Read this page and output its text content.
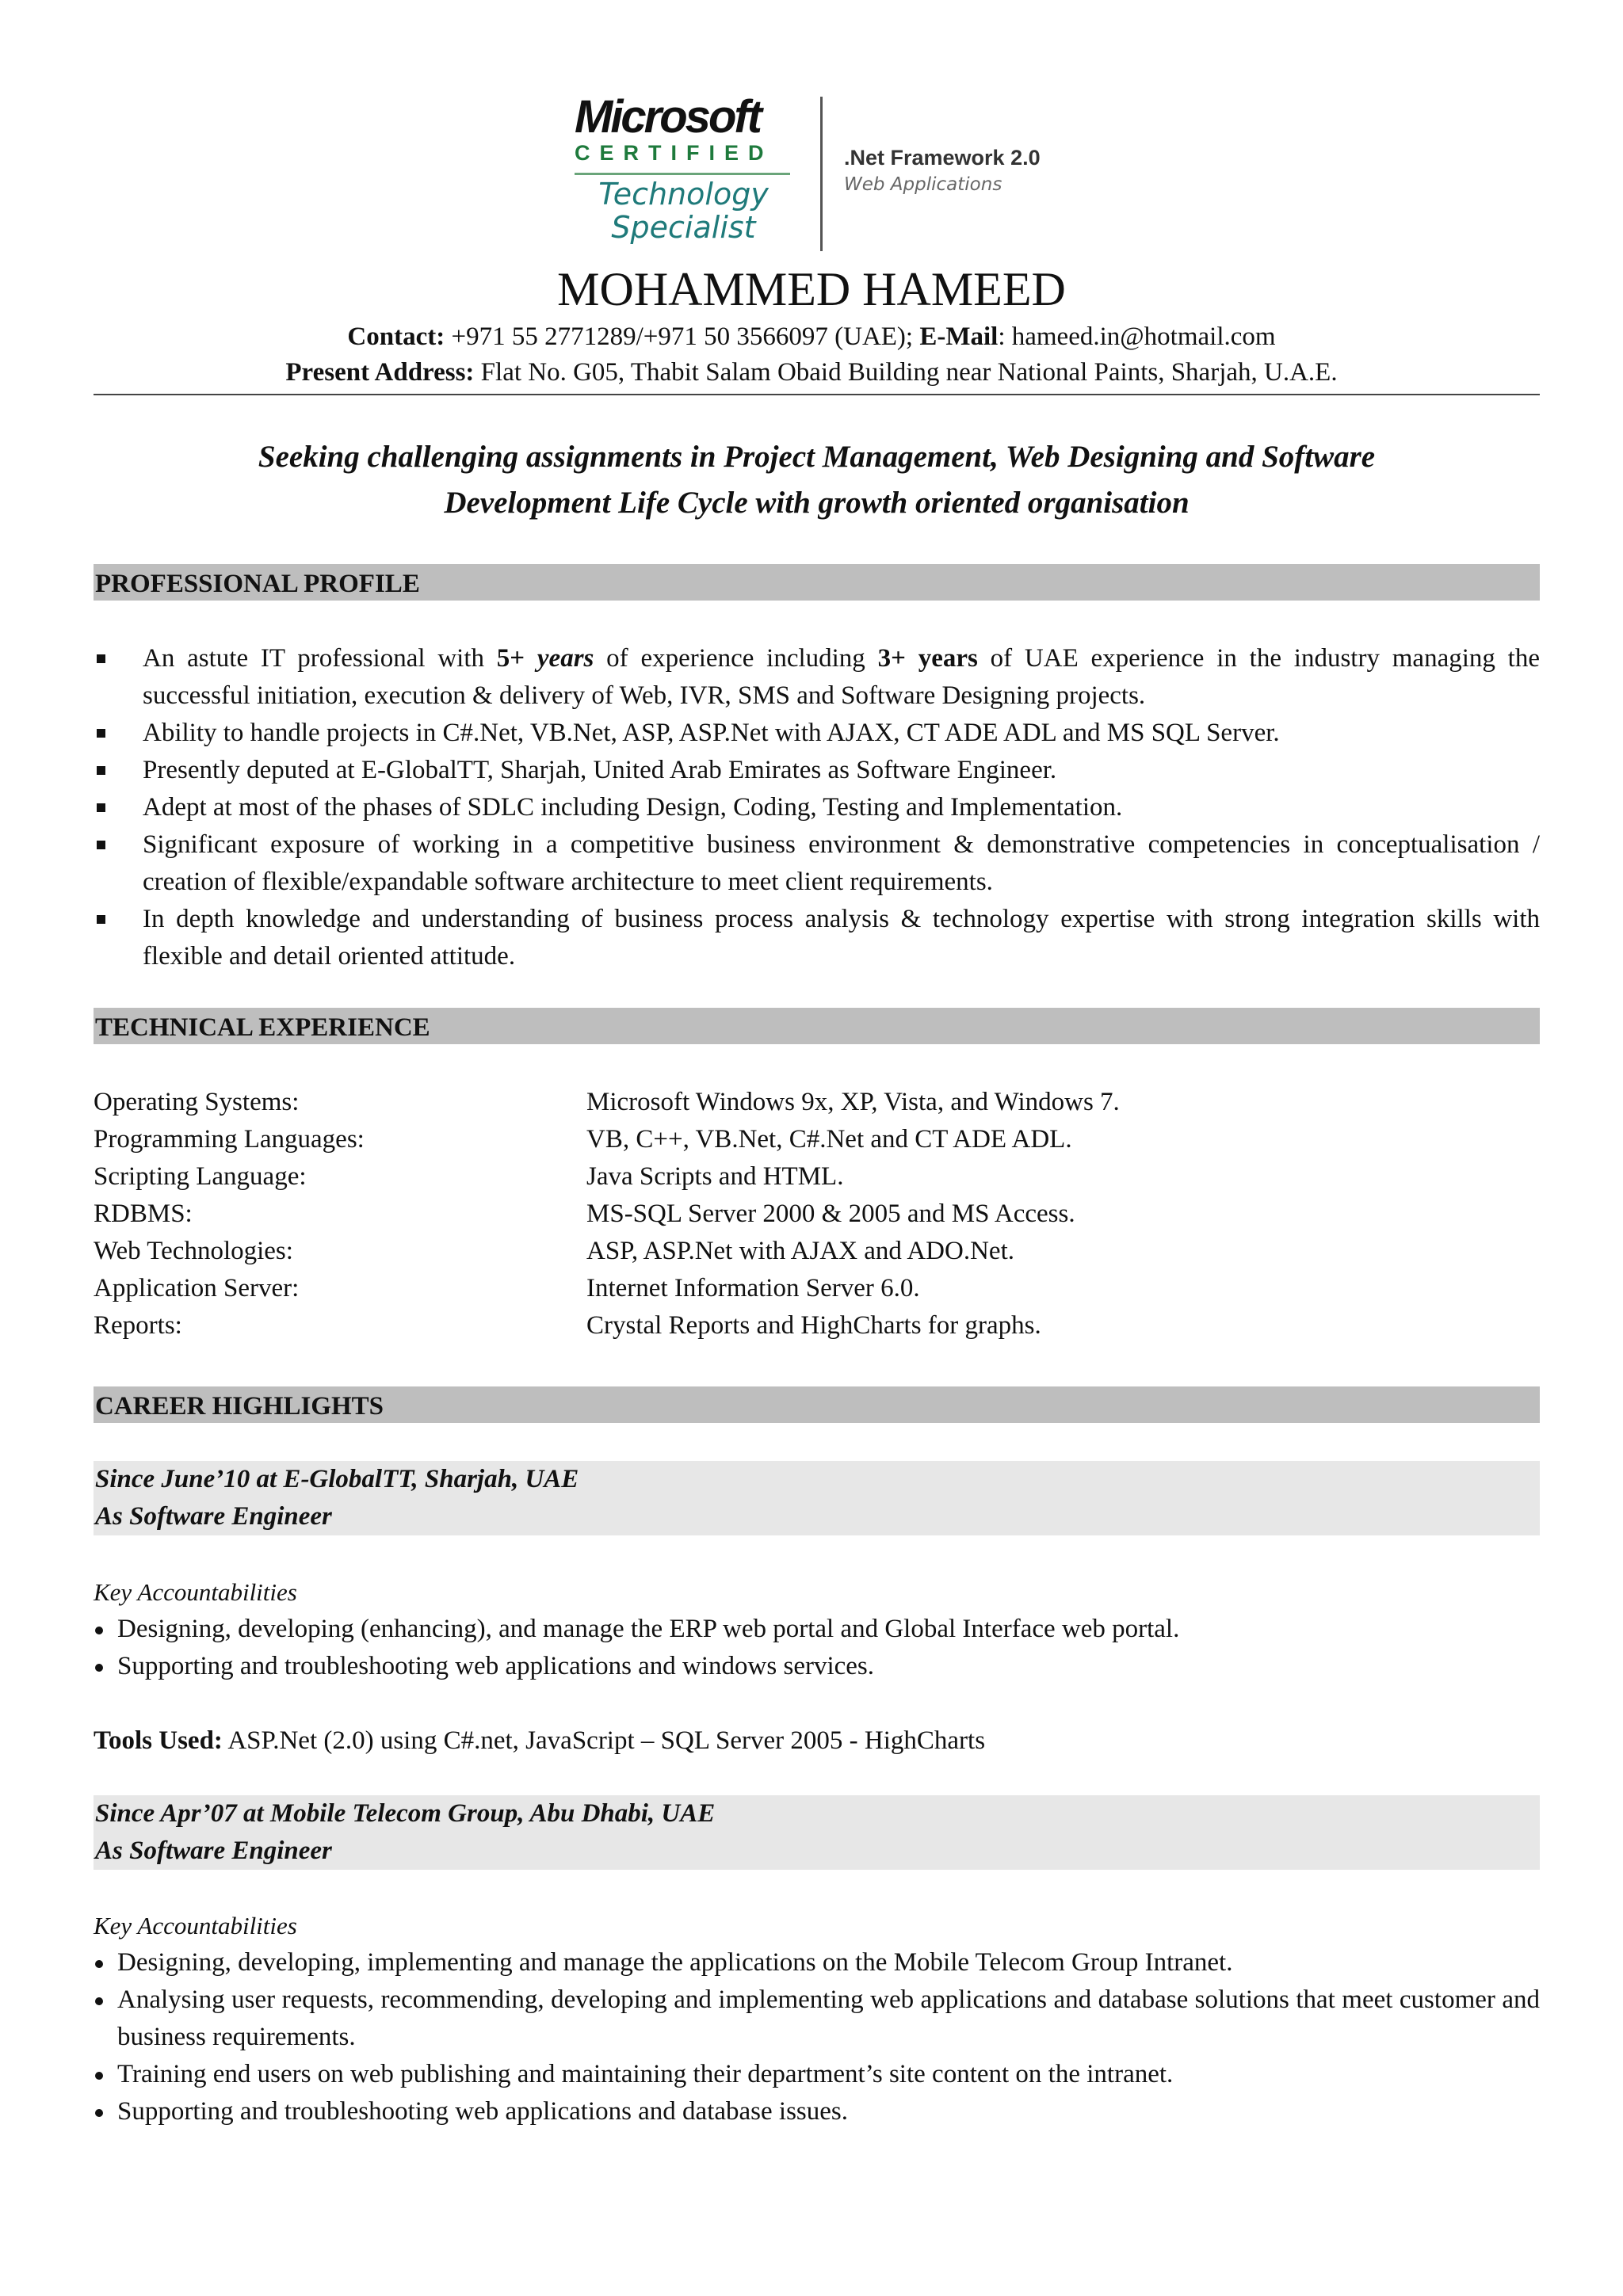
Microsoft
CERTIFIED
Technology
Specialist
.Net Framework 2.0
Web Applications
MOHAMMED HAMEED
Contact: +971 55 2771289/+971 50 3566097 (UAE); E-Mail: hameed.in@hotmail.com
Present Address: Flat No. G05, Thabit Salam Obaid Building near National Paints, Sharjah, U.A.E.
Seeking challenging assignments in Project Management, Web Designing and Software
Development Life Cycle with growth oriented organisation
PROFESSIONAL PROFILE
An astute IT professional with 5+ years of experience including 3+ years of UAE experience in the industry managing the successful initiation, execution & delivery of Web, IVR, SMS and Software Designing projects.
Ability to handle projects in C#.Net, VB.Net, ASP, ASP.Net with AJAX, CT ADE ADL and MS SQL Server.
Presently deputed at E-GlobalTT, Sharjah, United Arab Emirates as Software Engineer.
Adept at most of the phases of SDLC including Design, Coding, Testing and Implementation.
Significant exposure of working in a competitive business environment & demonstrative competencies in conceptualisation / creation of flexible/expandable software architecture to meet client requirements.
In depth knowledge and understanding of business process analysis & technology expertise with strong integration skills with flexible and detail oriented attitude.
TECHNICAL EXPERIENCE
Operating Systems:	Microsoft Windows 9x, XP, Vista, and Windows 7.
Programming Languages:	VB, C++, VB.Net, C#.Net and CT ADE ADL.
Scripting Language:	Java Scripts and HTML.
RDBMS:	MS-SQL Server 2000 & 2005 and MS Access.
Web Technologies:	ASP, ASP.Net with AJAX and ADO.Net.
Application Server:	Internet Information Server 6.0.
Reports:	Crystal Reports and HighCharts for graphs.
CAREER HIGHLIGHTS
Since June’10 at E-GlobalTT, Sharjah, UAE
As Software Engineer
Key Accountabilities
Designing, developing (enhancing), and manage the ERP web portal and Global Interface web portal.
Supporting and troubleshooting web applications and windows services.
Tools Used: ASP.Net (2.0) using C#.net, JavaScript – SQL Server 2005 - HighCharts
Since Apr’07 at Mobile Telecom Group, Abu Dhabi, UAE
As Software Engineer
Key Accountabilities
Designing, developing, implementing and manage the applications on the Mobile Telecom Group Intranet.
Analysing user requests, recommending, developing and implementing web applications and database solutions that meet customer and business requirements.
Training end users on web publishing and maintaining their department’s site content on the intranet.
Supporting and troubleshooting web applications and database issues.
